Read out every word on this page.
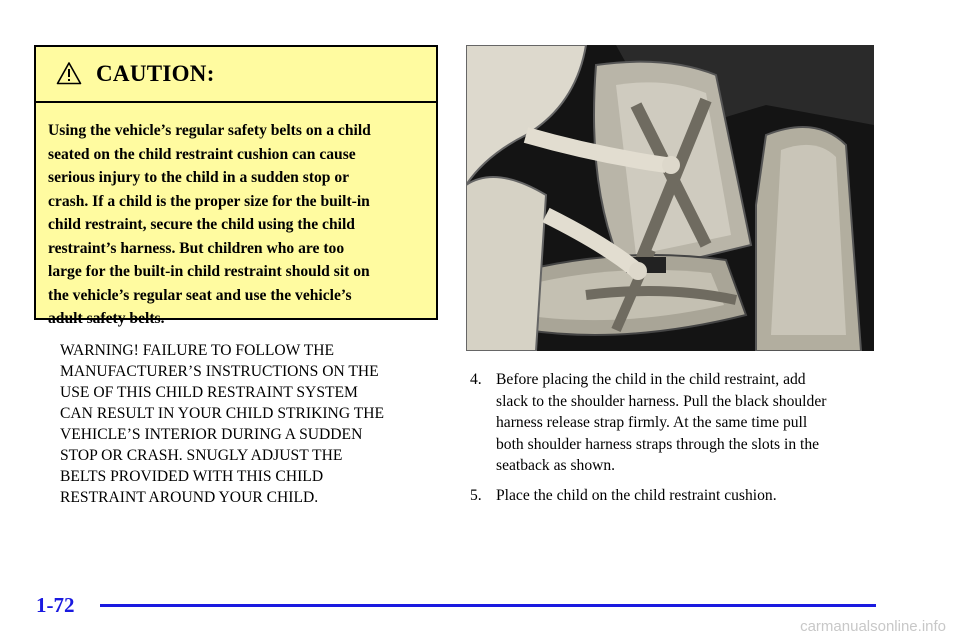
CAUTION:
Using the vehicle’s regular safety belts on a child
seated on the child restraint cushion can cause
serious injury to the child in a sudden stop or
crash. If a child is the proper size for the built-in
child restraint, secure the child using the child
restraint’s harness. But children who are too
large for the built-in child restraint should sit on
the vehicle’s regular seat and use the vehicle’s
adult safety belts.
WARNING! FAILURE TO FOLLOW THE
MANUFACTURER’S INSTRUCTIONS ON THE
USE OF THIS CHILD RESTRAINT SYSTEM
CAN RESULT IN YOUR CHILD STRIKING THE
VEHICLE’S INTERIOR DURING A SUDDEN
STOP OR CRASH. SNUGLY ADJUST THE
BELTS PROVIDED WITH THIS CHILD
RESTRAINT AROUND YOUR CHILD.
4. Before placing the child in the child restraint, add
slack to the shoulder harness. Pull the black shoulder
harness release strap firmly. At the same time pull
both shoulder harness straps through the slots in the
seatback as shown.
5. Place the child on the child restraint cushion.
1-72
carmanualsonline.info
